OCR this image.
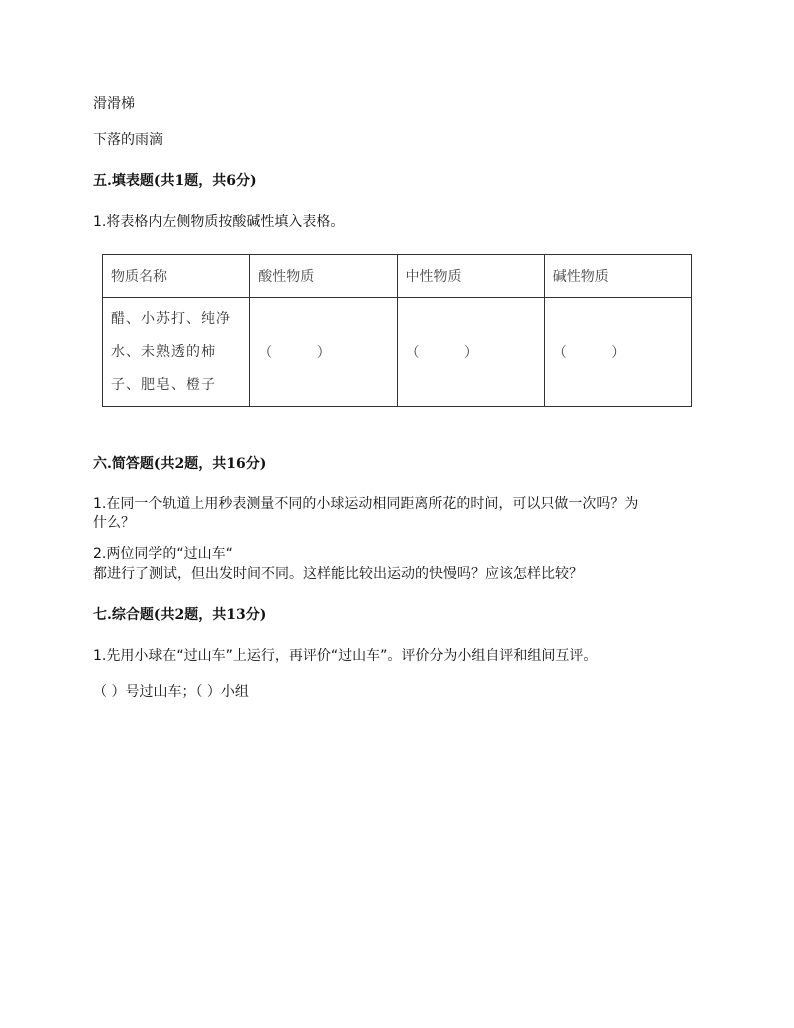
滑滑梯
下落的雨滴
五.填表题(共1题，共6分)
1.将表格内左侧物质按酸碱性填入表格。
物质名称	酸性物质	中性物质	碱性物质

醋、小苏打、纯净
水、未熟透的柿
子、肥皂、橙子	（          ）	（          ）	（          ）
六.简答题(共2题，共16分)
1.在同一个轨道上用秒表测量不同的小球运动相同距离所花的时间，可以只做一次吗？为
什么？
2.两位同学的“过山车“
都进行了测试，但出发时间不同。这样能比较出运动的快慢吗？应该怎样比较？
七.综合题(共2题，共13分)
1.先用小球在“过山车”上运行，再评价“过山车”。评价分为小组自评和组间互评。
（ ）号过山车；（ ）小组
